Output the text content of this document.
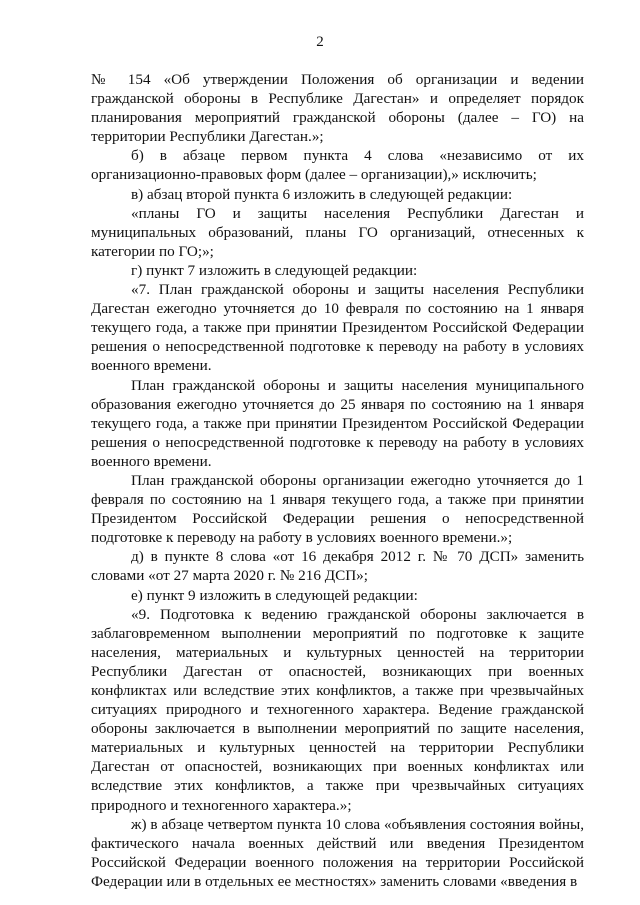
2

№ 154 «Об утверждении Положения об организации и ведении гражданской обороны в Республике Дагестан» и определяет порядок планирования мероприятий гражданской обороны (далее – ГО) на территории Республики Дагестан.»;

б) в абзаце первом пункта 4 слова «независимо от их организационно-правовых форм (далее – организации),» исключить;

в) абзац второй пункта 6 изложить в следующей редакции:

«планы ГО и защиты населения Республики Дагестан и муниципальных образований, планы ГО организаций, отнесенных к категории по ГО;»;

г) пункт 7 изложить в следующей редакции:

«7. План гражданской обороны и защиты населения Республики Дагестан ежегодно уточняется до 10 февраля по состоянию на 1 января текущего года, а также при принятии Президентом Российской Федерации решения о непосредственной подготовке к переводу на работу в условиях военного времени.

План гражданской обороны и защиты населения муниципального образования ежегодно уточняется до 25 января по состоянию на 1 января текущего года, а также при принятии Президентом Российской Федерации решения о непосредственной подготовке к переводу на работу в условиях военного времени.

План гражданской обороны организации ежегодно уточняется до 1 февраля по состоянию на 1 января текущего года, а также при принятии Президентом Российской Федерации решения о непосредственной подготовке к переводу на работу в условиях военного времени.»;

д) в пункте 8 слова «от 16 декабря 2012 г. № 70 ДСП» заменить словами «от 27 марта 2020 г. № 216 ДСП»;

е) пункт 9 изложить в следующей редакции:

«9. Подготовка к ведению гражданской обороны заключается в заблаговременном выполнении мероприятий по подготовке к защите населения, материальных и культурных ценностей на территории Республики Дагестан от опасностей, возникающих при военных конфликтах или вследствие этих конфликтов, а также при чрезвычайных ситуациях природного и техногенного характера. Ведение гражданской обороны заключается в выполнении мероприятий по защите населения, материальных и культурных ценностей на территории Республики Дагестан от опасностей, возникающих при военных конфликтах или вследствие этих конфликтов, а также при чрезвычайных ситуациях природного и техногенного характера.»;

ж) в абзаце четвертом пункта 10 слова «объявления состояния войны, фактического начала военных действий или введения Президентом Российской Федерации военного положения на территории Российской Федерации или в отдельных ее местностях» заменить словами «введения в
